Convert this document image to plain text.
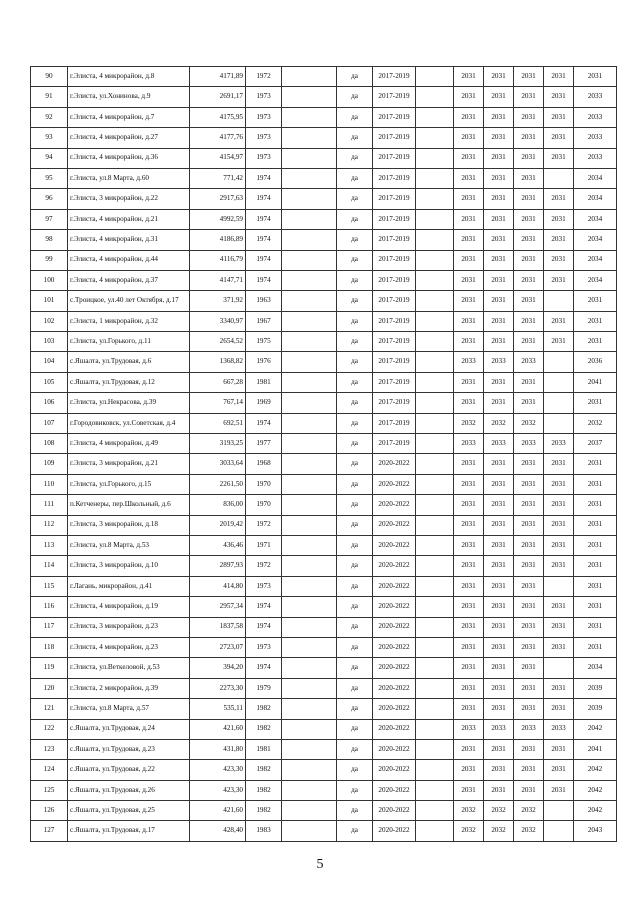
90	г.Элиста, 4 микрорайон, д.8	4171,89	1972		да	2017-2019		2031	2031	2031	2031	2031
91	г.Элиста, ул.Хонинова, д.9	2691,17	1973		да	2017-2019		2031	2031	2031	2031	2033
92	г.Элиста, 4 микрорайон, д.7	4175,95	1973		да	2017-2019		2031	2031	2031	2031	2033
93	г.Элиста, 4 микрорайон, д.27	4177,76	1973		да	2017-2019		2031	2031	2031	2031	2033
94	г.Элиста, 4 микрорайон, д.36	4154,97	1973		да	2017-2019		2031	2031	2031	2031	2033
95	г.Элиста, ул.8 Марта, д.60	771,42	1974		да	2017-2019		2031	2031	2031		2034
96	г.Элиста, 3 микрорайон, д.22	2917,63	1974		да	2017-2019		2031	2031	2031	2031	2034
97	г.Элиста, 4 микрорайон, д.21	4992,59	1974		да	2017-2019		2031	2031	2031	2031	2034
98	г.Элиста, 4 микрорайон, д.31	4186,89	1974		да	2017-2019		2031	2031	2031	2031	2034
99	г.Элиста, 4 микрорайон, д.44	4116,79	1974		да	2017-2019		2031	2031	2031	2031	2034
100	г.Элиста, 4 микрорайон, д.37	4147,71	1974		да	2017-2019		2031	2031	2031	2031	2034
101	с.Троицкое, ул.40 лет Октября, д.17	371,92	1963		да	2017-2019		2031	2031	2031		2031
102	г.Элиста, 1 микрорайон, д.32	3340,97	1967		да	2017-2019		2031	2031	2031	2031	2031
103	г.Элиста, ул.Горького, д.11	2654,52	1975		да	2017-2019		2031	2031	2031	2031	2031
104	с.Яшалта, ул.Трудовая, д.6	1368,82	1976		да	2017-2019		2033	2033	2033		2036
105	с.Яшалта, ул.Трудовая, д.12	667,28	1981		да	2017-2019		2031	2031	2031		2041
106	г.Элиста, ул.Некрасова, д.39	767,14	1969		да	2017-2019		2031	2031	2031		2031
107	г.Городовиковск, ул.Советская, д.4	692,51	1974		да	2017-2019		2032	2032	2032		2032
108	г.Элиста, 4 микрорайон, д.49	3193,25	1977		да	2017-2019		2033	2033	2033	2033	2037
109	г.Элиста, 3 микрорайон, д.21	3033,64	1968		да	2020-2022		2031	2031	2031	2031	2031
110	г.Элиста, ул.Горького, д.15	2261,50	1970		да	2020-2022		2031	2031	2031	2031	2031
111	п.Кетченеры, пер.Школьный, д.6	836,00	1970		да	2020-2022		2031	2031	2031	2031	2031
112	г.Элиста, 3 микрорайон, д.18	2019,42	1972		да	2020-2022		2031	2031	2031	2031	2031
113	г.Элиста, ул.8 Марта, д.53	436,46	1971		да	2020-2022		2031	2031	2031	2031	2031
114	г.Элиста, 3 микрорайон, д.10	2897,93	1972		да	2020-2022		2031	2031	2031	2031	2031
115	г.Лагань, микрорайон, д.41	414,80	1973		да	2020-2022		2031	2031	2031		2031
116	г.Элиста, 4 микрорайон, д.19	2957,34	1974		да	2020-2022		2031	2031	2031	2031	2031
117	г.Элиста, 3 микрорайон, д.23	1837,58	1974		да	2020-2022		2031	2031	2031	2031	2031
118	г.Элиста, 4 микрорайон, д.23	2723,07	1973		да	2020-2022		2031	2031	2031	2031	2031
119	г.Элиста, ул.Веткеловой, д.53	394,20	1974		да	2020-2022		2031	2031	2031		2034
120	г.Элиста, 2 микрорайон, д.39	2273,30	1979		да	2020-2022		2031	2031	2031	2031	2039
121	г.Элиста, ул.8 Марта, д.57	535,11	1982		да	2020-2022		2031	2031	2031	2031	2039
122	с.Яшалта, ул.Трудовая, д.24	421,60	1982		да	2020-2022		2033	2033	2033	2033	2042
123	с.Яшалта, ул.Трудовая, д.23	431,80	1981		да	2020-2022		2031	2031	2031	2031	2041
124	с.Яшалта, ул.Трудовая, д.22	423,30	1982		да	2020-2022		2031	2031	2031	2031	2042
125	с.Яшалта, ул.Трудовая, д.26	423,30	1982		да	2020-2022		2031	2031	2031	2031	2042
126	с.Яшалта, ул.Трудовая, д.25	421,60	1982		да	2020-2022		2032	2032	2032		2042
127	с.Яшалта, ул.Трудовая, д.17	428,40	1983		да	2020-2022		2032	2032	2032		2043
5
